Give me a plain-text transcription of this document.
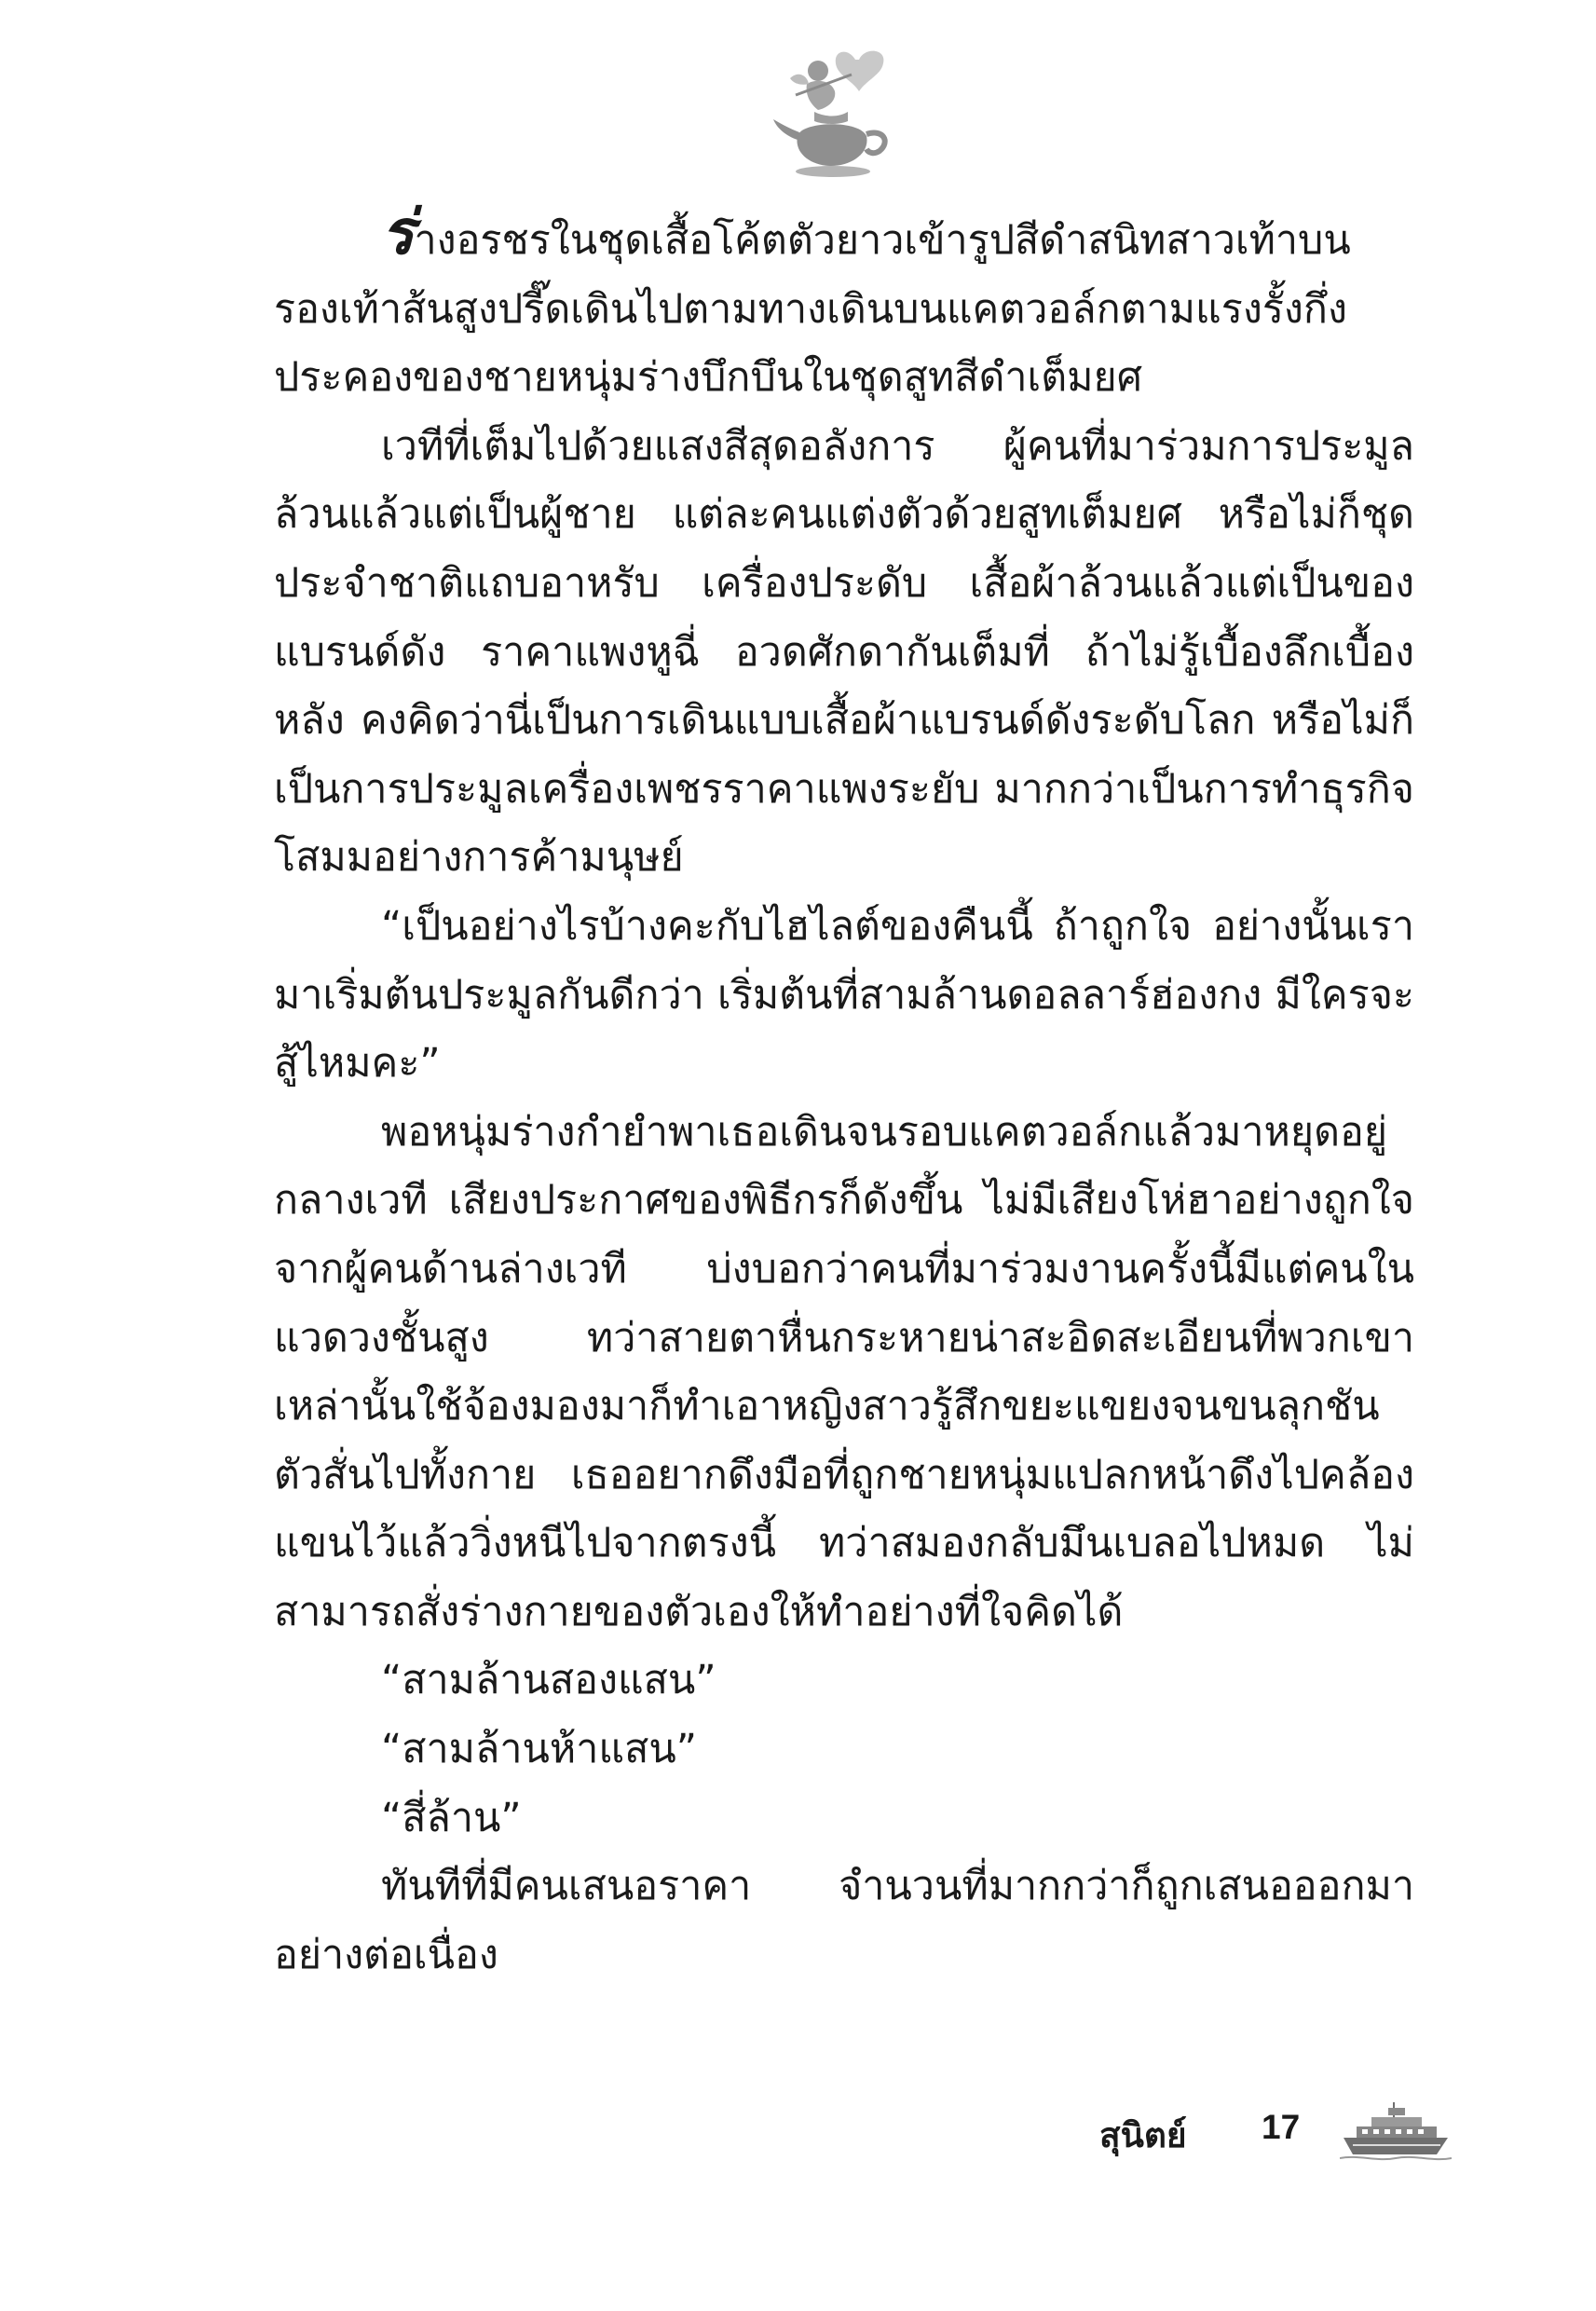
ร่างอรชรในชุดเสื้อโค้ตตัวยาวเข้ารูปสีดำสนิทสาวเท้าบนรองเท้าส้นสูงปรี๊ดเดินไปตามทางเดินบนแคตวอล์กตามแรงรั้งกึ่งประคองของชายหนุ่มร่างบึกบึนในชุดสูทสีดำเต็มยศ

เวทีที่เต็มไปด้วยแสงสีสุดอลังการ ผู้คนที่มาร่วมการประมูลล้วนแล้วแต่เป็นผู้ชาย แต่ละคนแต่งตัวด้วยสูทเต็มยศ หรือไม่ก็ชุดประจำชาติแถบอาหรับ เครื่องประดับ เสื้อผ้าล้วนแล้วแต่เป็นของแบรนด์ดัง ราคาแพงหูฉี่ อวดศักดากันเต็มที่ ถ้าไม่รู้เบื้องลึกเบื้องหลัง คงคิดว่านี่เป็นการเดินแบบเสื้อผ้าแบรนด์ดังระดับโลก หรือไม่ก็เป็นการประมูลเครื่องเพชรราคาแพงระยับ มากกว่าเป็นการทำธุรกิจโสมมอย่างการค้ามนุษย์

“เป็นอย่างไรบ้างคะกับไฮไลต์ของคืนนี้ ถ้าถูกใจ อย่างนั้นเรามาเริ่มต้นประมูลกันดีกว่า เริ่มต้นที่สามล้านดอลลาร์ฮ่องกง มีใครจะสู้ไหมคะ”

พอหนุ่มร่างกำยำพาเธอเดินจนรอบแคตวอล์กแล้วมาหยุดอยู่กลางเวที เสียงประกาศของพิธีกรก็ดังขึ้น ไม่มีเสียงโห่ฮาอย่างถูกใจจากผู้คนด้านล่างเวที บ่งบอกว่าคนที่มาร่วมงานครั้งนี้มีแต่คนในแวดวงชั้นสูง ทว่าสายตาหื่นกระหายน่าสะอิดสะเอียนที่พวกเขาเหล่านั้นใช้จ้องมองมาก็ทำเอาหญิงสาวรู้สึกขยะแขยงจนขนลุกชัน ตัวสั่นไปทั้งกาย เธออยากดึงมือที่ถูกชายหนุ่มแปลกหน้าดึงไปคล้องแขนไว้แล้ววิ่งหนีไปจากตรงนี้ ทว่าสมองกลับมึนเบลอไปหมด ไม่สามารถสั่งร่างกายของตัวเองให้ทำอย่างที่ใจคิดได้

“สามล้านสองแสน”

“สามล้านห้าแสน”

“สี่ล้าน”

ทันทีที่มีคนเสนอราคา จำนวนที่มากกว่าก็ถูกเสนอออกมาอย่างต่อเนื่อง

สุนิตย์ 17
